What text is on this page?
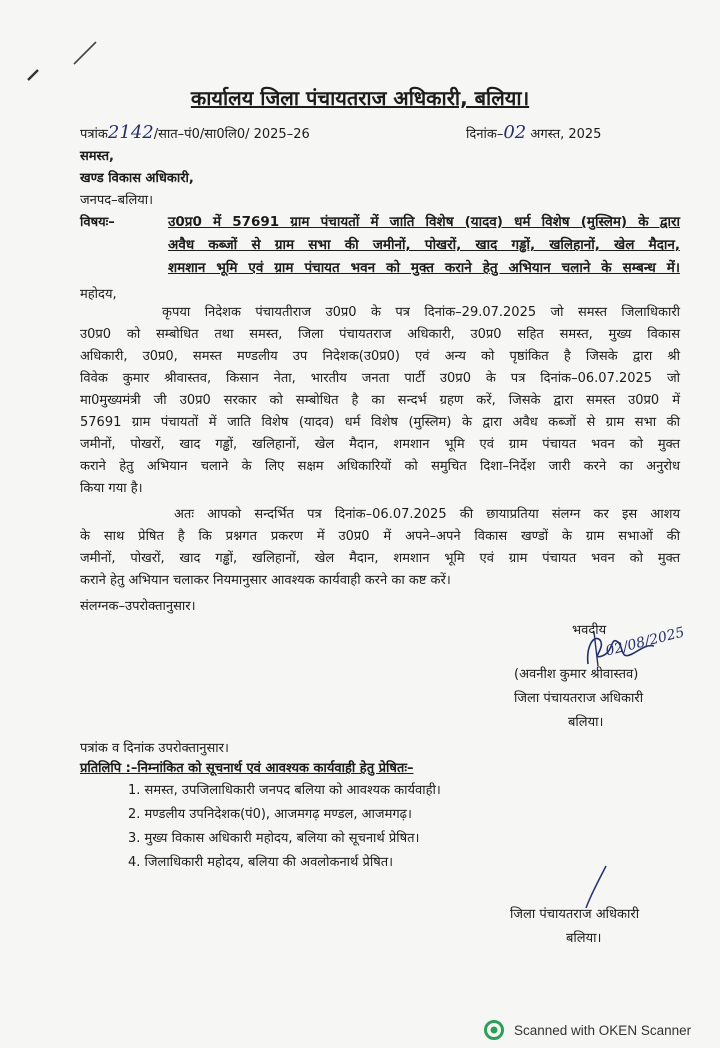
कार्यालय जिला पंचायतराज अधिकारी, बलिया।
पत्रांक2142/सात–पं0/सा0लि0/ 2025–26	दिनांक–02 अगस्त, 2025
समस्त,
खण्ड विकास अधिकारी,
जनपद–बलिया।
विषयः–	उ0प्र0 में 57691 ग्राम पंचायतों में जाति विशेष (यादव) धर्म विशेष (मुस्लिम) के द्वारा
अवैध कब्जों से ग्राम सभा की जमीनों, पोखरों, खाद गड्ढों, खलिहानों, खेल मैदान,
शमशान भूमि एवं ग्राम पंचायत भवन को मुक्त कराने हेतु अभियान चलाने के सम्बन्ध में।
महोदय,
कृपया निदेशक पंचायतीराज उ0प्र0 के पत्र दिनांक–29.07.2025 जो समस्त जिलाधिकारी
उ0प्र0 को सम्बोधित तथा समस्त, जिला पंचायतराज अधिकारी, उ0प्र0 सहित समस्त, मुख्य विकास
अधिकारी, उ0प्र0, समस्त मण्डलीय उप निदेशक(उ0प्र0) एवं अन्य को पृष्ठांकित है जिसके द्वारा श्री
विवेक कुमार श्रीवास्तव, किसान नेता, भारतीय जनता पार्टी उ0प्र0 के पत्र दिनांक–06.07.2025 जो
मा0मुख्यमंत्री जी उ0प्र0 सरकार को सम्बोधित है का सन्दर्भ ग्रहण करें, जिसके द्वारा समस्त उ0प्र0 में
57691 ग्राम पंचायतों में जाति विशेष (यादव) धर्म विशेष (मुस्लिम) के द्वारा अवैध कब्जों से ग्राम सभा की
जमीनों, पोखरों, खाद गड्ढों, खलिहानों, खेल मैदान, शमशान भूमि एवं ग्राम पंचायत भवन को मुक्त
कराने हेतु अभियान चलाने के लिए सक्षम अधिकारियों को समुचित दिशा–निर्देश जारी करने का अनुरोध
किया गया है।
अतः आपको सन्दर्भित पत्र दिनांक–06.07.2025 की छायाप्रतिया संलग्न कर इस आशय
के साथ प्रेषित है कि प्रश्नगत प्रकरण में उ0प्र0 में अपने–अपने विकास खण्डों के ग्राम सभाओं की
जमीनों, पोखरों, खाद गड्ढों, खलिहानों, खेल मैदान, शमशान भूमि एवं ग्राम पंचायत भवन को मुक्त
कराने हेतु अभियान चलाकर नियमानुसार आवश्यक कार्यवाही करने का कष्ट करें।
संलग्नक–उपरोक्तानुसार।
भवदीय
02/08/2025
(अवनीश कुमार श्रीवास्तव)
जिला पंचायतराज अधिकारी
बलिया।
पत्रांक व दिनांक उपरोक्तानुसार।
प्रतिलिपि :–निम्नांकित को सूचनार्थ एवं आवश्यक कार्यवाही हेतु प्रेषितः–
1. समस्त, उपजिलाधिकारी जनपद बलिया को आवश्यक कार्यवाही।
2. मण्डलीय उपनिदेशक(पं0), आजमगढ़ मण्डल, आजमगढ़।
3. मुख्य विकास अधिकारी महोदय, बलिया को सूचनार्थ प्रेषित।
4. जिलाधिकारी महोदय, बलिया की अवलोकनार्थ प्रेषित।
जिला पंचायतराज अधिकारी
बलिया।
Scanned with OKEN Scanner
